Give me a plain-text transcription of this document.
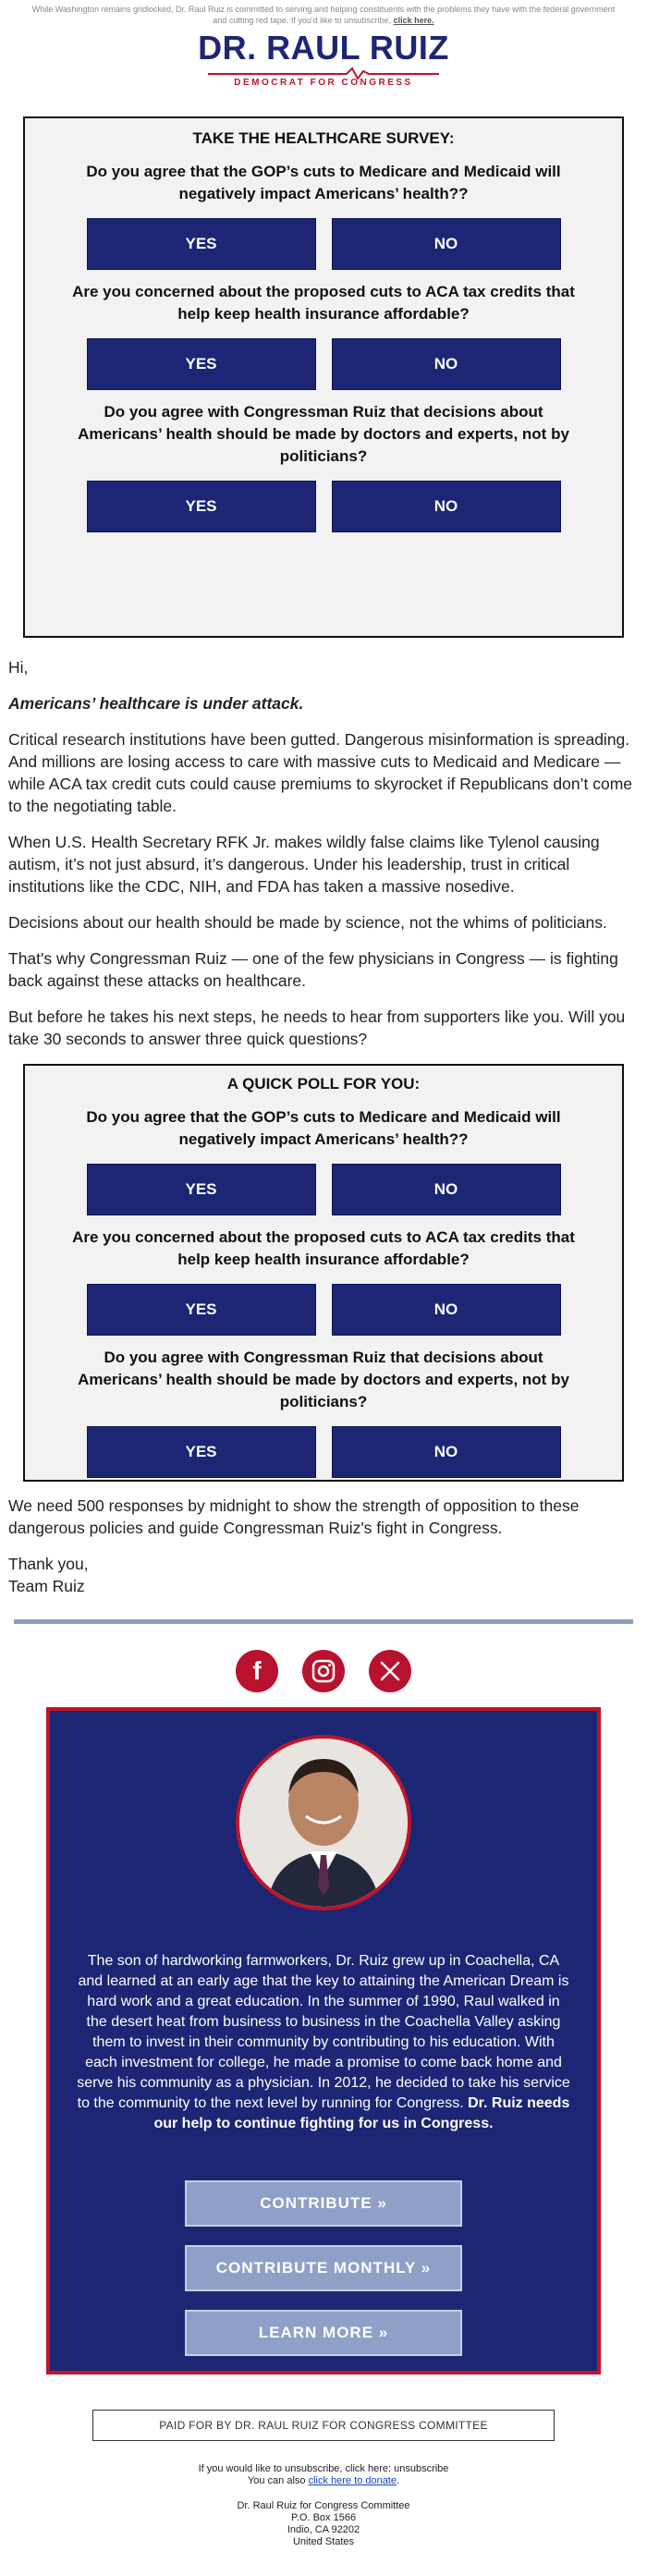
While Washington remains gridlocked, Dr. Raul Ruiz is committed to serving and helping constituents with the problems they have with the federal government and cutting red tape. If you'd like to unsubscribe, click here.
DR. RAUL RUIZ
DEMOCRAT FOR CONGRESS
TAKE THE HEALTHCARE SURVEY:
Do you agree that the GOP’s cuts to Medicare and Medicaid will negatively impact Americans’ health??
YES	NO
Are you concerned about the proposed cuts to ACA tax credits that help keep health insurance affordable?
YES	NO
Do you agree with Congressman Ruiz that decisions about Americans’ health should be made by doctors and experts, not by politicians?
YES	NO

Hi,

Americans’ healthcare is under attack.

Critical research institutions have been gutted. Dangerous misinformation is spreading. And millions are losing access to care with massive cuts to Medicaid and Medicare — while ACA tax credit cuts could cause premiums to skyrocket if Republicans don’t come to the negotiating table.

When U.S. Health Secretary RFK Jr. makes wildly false claims like Tylenol causing autism, it’s not just absurd, it’s dangerous. Under his leadership, trust in critical institutions like the CDC, NIH, and FDA has taken a massive nosedive.

Decisions about our health should be made by science, not the whims of politicians.

That's why Congressman Ruiz — one of the few physicians in Congress — is fighting back against these attacks on healthcare.

But before he takes his next steps, he needs to hear from supporters like you. Will you take 30 seconds to answer three quick questions?

A QUICK POLL FOR YOU:
Do you agree that the GOP’s cuts to Medicare and Medicaid will negatively impact Americans’ health??
YES	NO
Are you concerned about the proposed cuts to ACA tax credits that help keep health insurance affordable?
YES	NO
Do you agree with Congressman Ruiz that decisions about Americans’ health should be made by doctors and experts, not by politicians?
YES	NO

We need 500 responses by midnight to show the strength of opposition to these dangerous policies and guide Congressman Ruiz's fight in Congress.

Thank you,
Team Ruiz

f
The son of hardworking farmworkers, Dr. Ruiz grew up in Coachella, CA and learned at an early age that the key to attaining the American Dream is hard work and a great education. In the summer of 1990, Raul walked in the desert heat from business to business in the Coachella Valley asking them to invest in their community by contributing to his education. With each investment for college, he made a promise to come back home and serve his community as a physician. In 2012, he decided to take his service to the community to the next level by running for Congress. Dr. Ruiz needs our help to continue fighting for us in Congress.
CONTRIBUTE »
CONTRIBUTE MONTHLY »
LEARN MORE »
PAID FOR BY DR. RAUL RUIZ FOR CONGRESS COMMITTEE
If you would like to unsubscribe, click here: unsubscribe
You can also click here to donate.
Dr. Raul Ruiz for Congress Committee
P.O. Box 1566
Indio, CA 92202
United States
